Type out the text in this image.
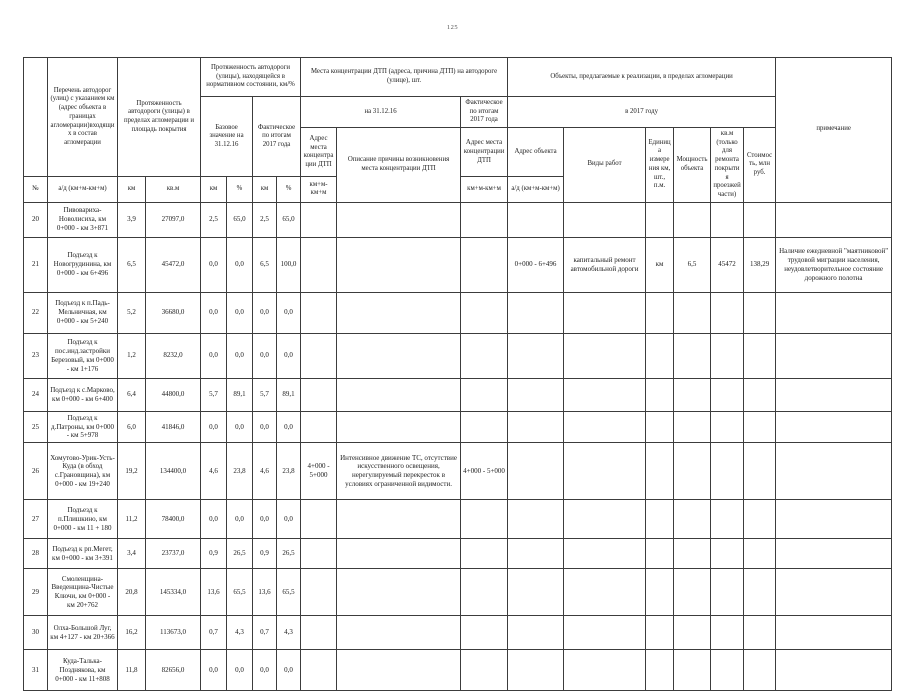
125
	Перечень автодорог (улиц) с указанием км (адрес объекта в границах агломерации)входящих в состав агломерации	Протяженность автодороги (улицы) в пределах агломерации и площадь покрытия		Протяженность автодороги (улицы), находящейся в нормативном состоянии, км/%				Места концентрации ДТП (адреса, причина ДТП) на автодороге (улице), шт.			Объекты, предлагаемые к реализации, в пределах агломерации						примечание
				Базовое значение на 31.12.16		Фактическое по итогам 2017 года		на 31.12.16		Фактическое по итогам 2017 года	в 2017 году						
								Адрес места концентрации ДТП	Описание причины возникновения места концентрации ДТП	Адрес места концентрации ДТП	Адрес объекта	Виды работ	Единица измерения км, шт., п.м.	Мощность объекта	кв.м (только для ремонта покрытия проезжей части)	Стоимость, млн руб.	
№	а/д (км+м-км+м)	км	кв.м	км	%	км	%	км+м-км+м		км+м-км+м	а/д (км+м-км+м)						
20	Пивовариха-Новолисиха, км 0+000 - км 3+871	3,9	27097,0	2,5	65,0	2,5	65,0										
21	Подъезд к Новогрудинина, км 0+000 - км 6+496	6,5	45472,0	0,0	0,0	6,5	100,0				0+000 - 6+496	капитальный ремонт автомобильной дороги	км	6,5	45472	138,29	Наличие ежедневной "маятниковой" трудовой миграции населения, неудовлетворительное состояние дорожного полотна
22	Подъезд к п.Падь-Мельничная, км 0+000 - км 5+240	5,2	36680,0	0,0	0,0	0,0	0,0										
23	Подъезд к пос.инд.застройки Березовый, км 0+000 - км 1+176	1,2	8232,0	0,0	0,0	0,0	0,0										
24	Подъезд к с.Марково, км 0+000 - км 6+400	6,4	44800,0	5,7	89,1	5,7	89,1										
25	Подъезд к д.Патроны, км 0+000 - км 5+978	6,0	41846,0	0,0	0,0	0,0	0,0										
26	Хомутово-Урик-Усть-Куда (в обход с.Грановщина), км 0+000 - км 19+240	19,2	134400,0	4,6	23,8	4,6	23,8	4+000 - 5+000	Интенсивное движение ТС, отсутствие искусственного освещения, нерегулируемый перекресток в условиях ограниченной видимости.	4+000 - 5+000							
27	Подъезд к п.Плишкино, км 0+000 - км 11 + 180	11,2	78400,0	0,0	0,0	0,0	0,0										
28	Подъезд к рп.Мегет, км 0+000 - км 3+391	3,4	23737,0	0,9	26,5	0,9	26,5										
29	Смоленщина-Введенщина-Чистые Ключи, км 0+000 - км 20+762	20,8	145334,0	13,6	65,5	13,6	65,5										
30	Олха-Большой Луг, км 4+127 - км 20+366	16,2	113673,0	0,7	4,3	0,7	4,3										
31	Куда-Талька-Позднякова, км 0+000 - км 11+808	11,8	82656,0	0,0	0,0	0,0	0,0										
